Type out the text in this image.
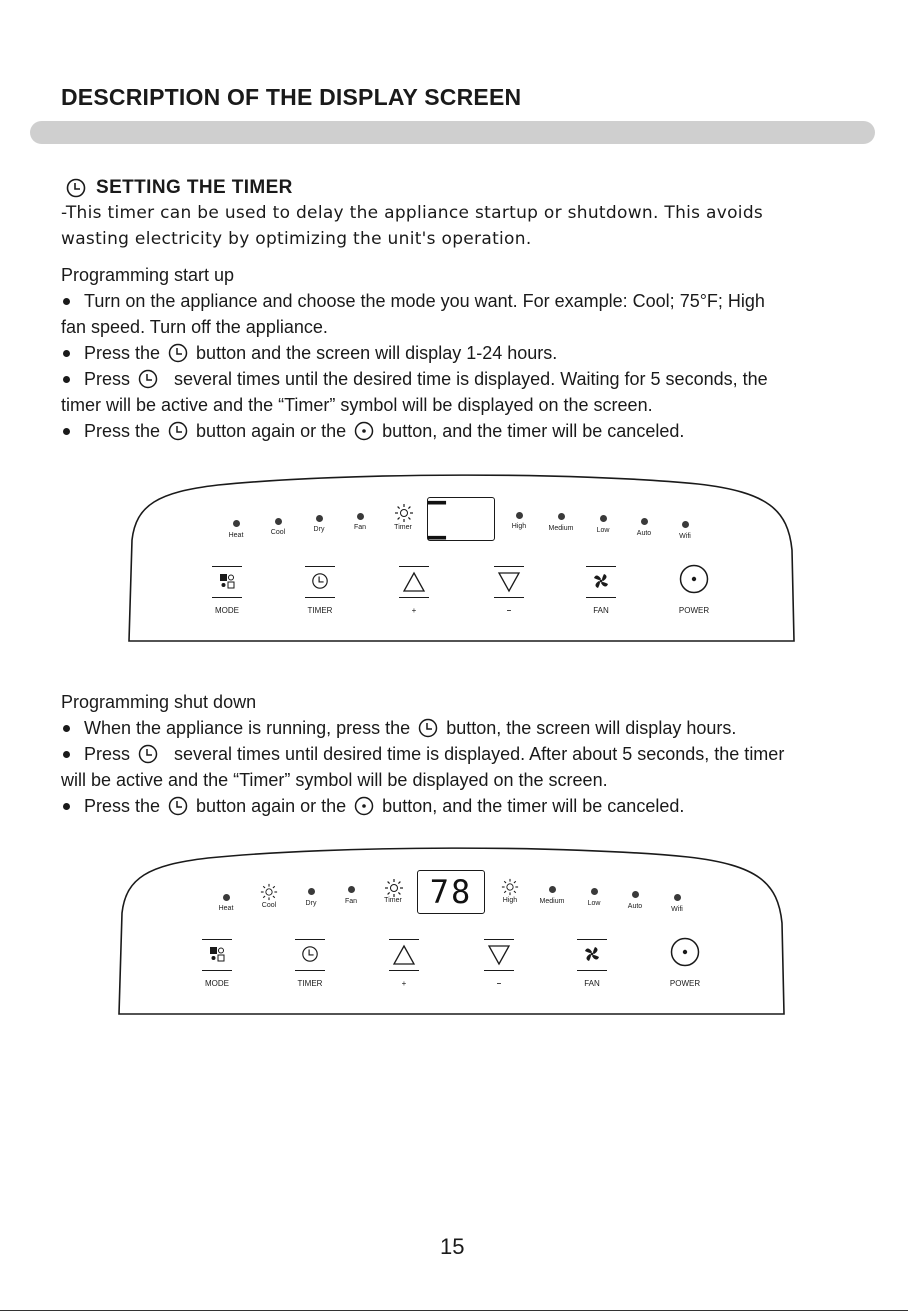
DESCRIPTION OF THE DISPLAY SCREEN
SETTING THE TIMER
-This timer can be used to delay the appliance startup or shutdown. This avoids
wasting electricity by optimizing the unit's operation.
Programming start up
Turn on the appliance and choose the mode you want. For example: Cool; 75°F; High
fan speed. Turn off the appliance.
Press the button and the screen will display 1-24 hours.
Press several times until the desired time is displayed. Waiting for 5 seconds, the
timer will be active and the “Timer” symbol will be displayed on the screen.
Press the button again or the button, and the timer will be canceled.
Heat	Cool	Dry	Fan	Timer
– –	High	Medium	Low	Auto	Wifi
MODE	TIMER	+	–	FAN	POWER
Programming shut down
When the appliance is running, press the button, the screen will display hours.
Press several times until desired time is displayed. After about 5 seconds, the timer
will be active and the “Timer” symbol will be displayed on the screen.
Press the button again or the button, and the timer will be canceled.
Heat	Cool	Dry	Fan	Timer 78	High	Medium	Low	Auto	Wifi
MODE	TIMER	+	–	FAN	POWER
15
